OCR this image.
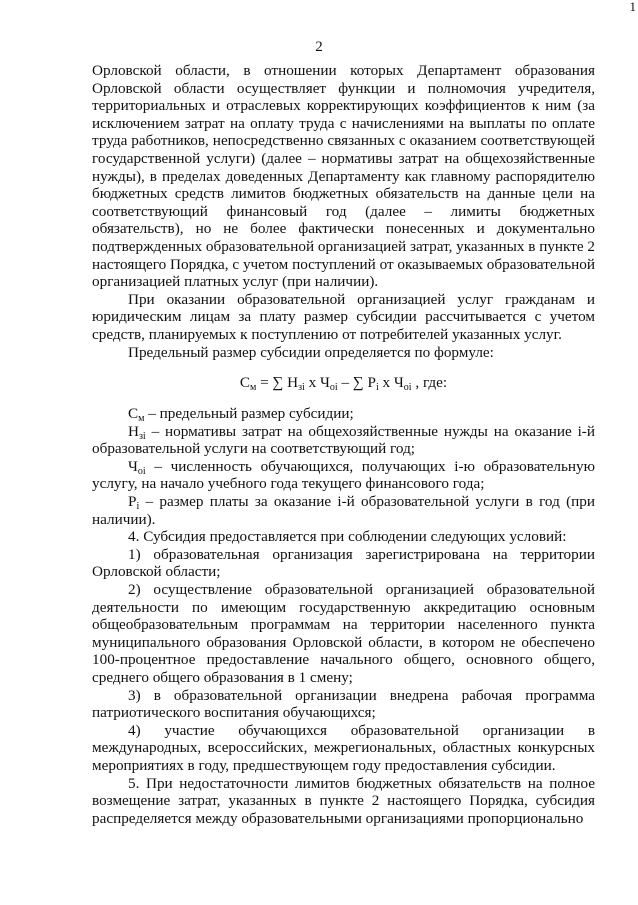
1
2

Орловской области, в отношении которых Департамент образования Орловской области осуществляет функции и полномочия учредителя, территориальных и отраслевых корректирующих коэффициентов к ним (за исключением затрат на оплату труда с начислениями на выплаты по оплате труда работников, непосредственно связанных с оказанием соответствующей государственной услуги) (далее – нормативы затрат на общехозяйственные нужды), в пределах доведенных Департаменту как главному распорядителю бюджетных средств лимитов бюджетных обязательств на данные цели на соответствующий финансовый год (далее – лимиты бюджетных обязательств), но не более фактически понесенных и документально подтвержденных образовательной организацией затрат, указанных в пункте 2 настоящего Порядка, с учетом поступлений от оказываемых образовательной организацией платных услуг (при наличии).

При оказании образовательной организацией услуг гражданам и юридическим лицам за плату размер субсидии рассчитывается с учетом средств, планируемых к поступлению от потребителей указанных услуг.

Предельный размер субсидии определяется по формуле:

$С_м$ = ∑ $Н_{зi}$ х $Ч_{оi}$ – ∑ $Р_i$ х $Ч_{оi}$ , где:

$С_м$ – предельный размер субсидии;

$Н_{зi}$ – нормативы затрат на общехозяйственные нужды на оказание i-й образовательной услуги на соответствующий год;

$Ч_{оi}$ – численность обучающихся, получающих i-ю образовательную услугу, на начало учебного года текущего финансового года;

$Р_i$ – размер платы за оказание i-й образовательной услуги в год (при наличии).

4. Субсидия предоставляется при соблюдении следующих условий:

1) образовательная организация зарегистрирована на территории Орловской области;

2) осуществление образовательной организацией образовательной деятельности по имеющим государственную аккредитацию основным общеобразовательным программам на территории населенного пункта муниципального образования Орловской области, в котором не обеспечено 100-процентное предоставление начального общего, основного общего, среднего общего образования в 1 смену;

3) в образовательной организации внедрена рабочая программа патриотического воспитания обучающихся;

4) участие обучающихся образовательной организации в международных, всероссийских, межрегиональных, областных конкурсных мероприятиях в году, предшествующем году предоставления субсидии.

5. При недостаточности лимитов бюджетных обязательств на полное возмещение затрат, указанных в пункте 2 настоящего Порядка, субсидия распределяется между образовательными организациями пропорционально
